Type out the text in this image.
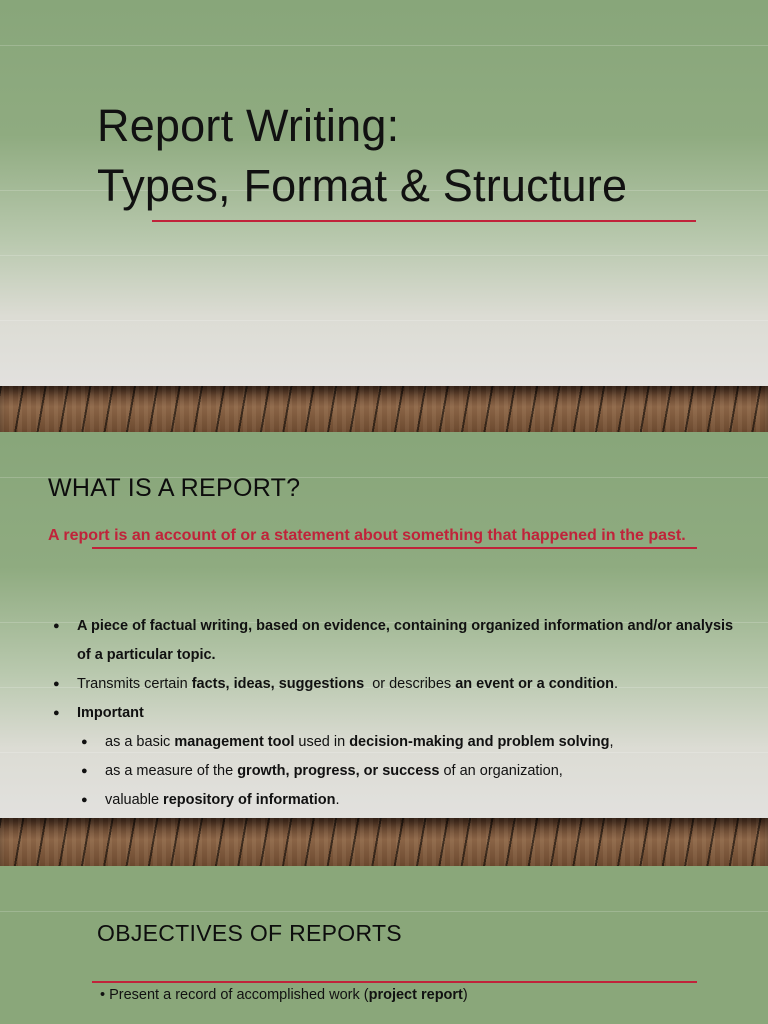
Report Writing:
Types, Format & Structure
WHAT IS A REPORT?

A report is an account of or a statement about something that happened in the past.

● A piece of factual writing, based on evidence, containing organized information and/or analysis of a particular topic.
● Transmits certain facts, ideas, suggestions  or describes an event or a condition.
● Important
● as a basic management tool used in decision-making and problem solving,
● as a measure of the growth, progress, or success of an organization,
● valuable repository of information.
OBJECTIVES OF REPORTS
• Present a record of accomplished work (project report)
